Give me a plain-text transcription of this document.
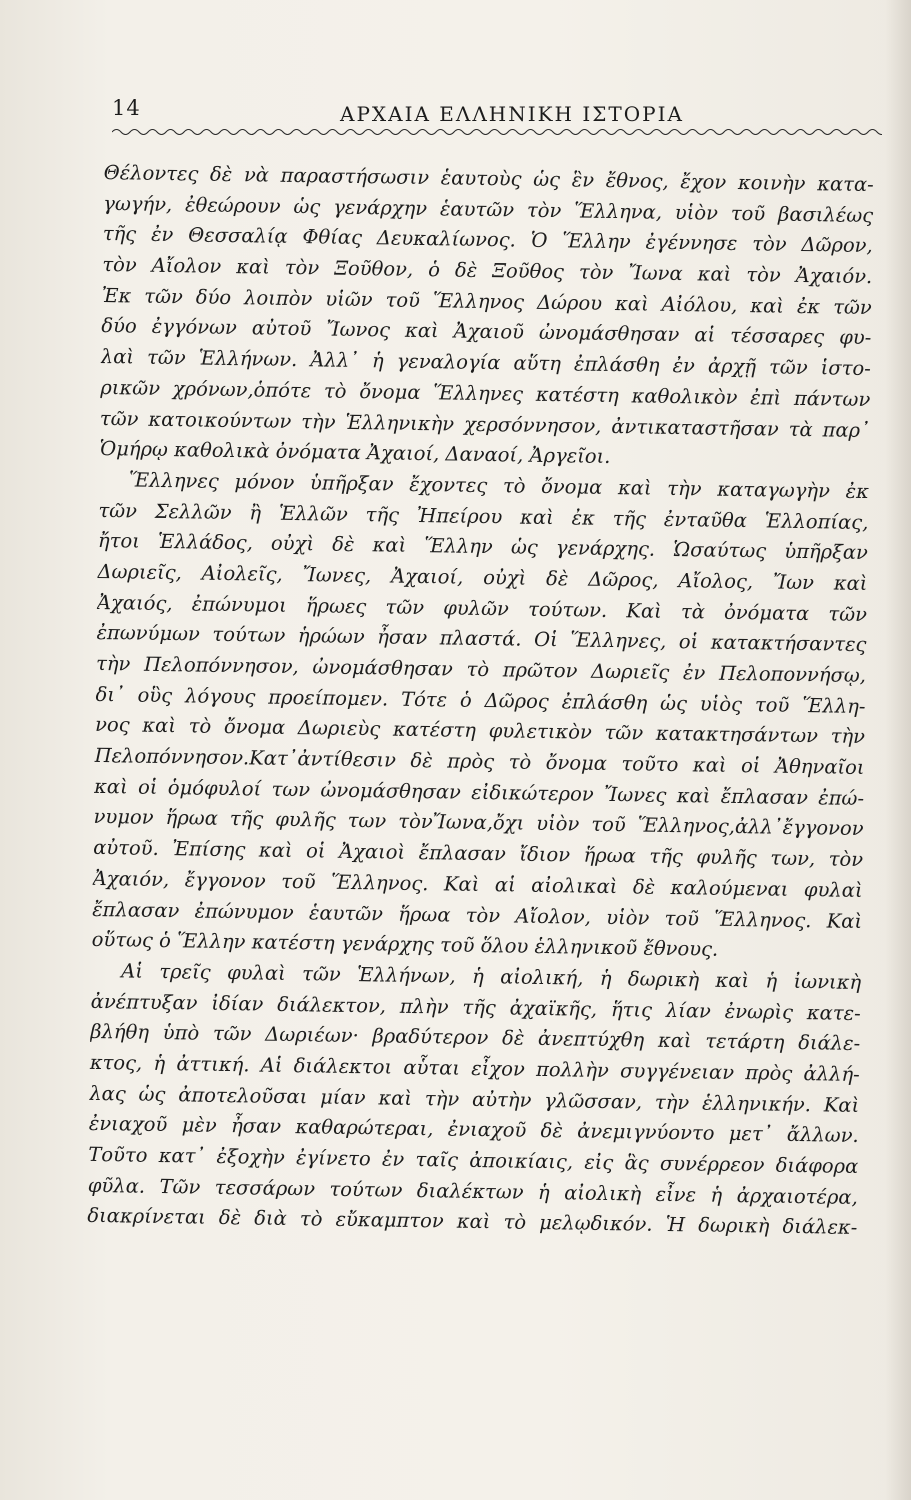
14	ΑΡΧΑΙΑ ΕΛΛΗΝΙΚΗ ΙΣΤΟΡΙΑ
Θέλοντες δὲ νὰ παραστήσωσιν ἑαυτοὺς ὡς ἓν ἔθνος, ἔχον κοινὴν κατα-
γωγήν, ἐθεώρουν ὡς γενάρχην ἑαυτῶν τὸν Ἕλληνα, υἱὸν τοῦ βασιλέως
τῆς ἐν Θεσσαλίᾳ Φθίας Δευκαλίωνος. Ὁ Ἕλλην ἐγέννησε τὸν Δῶρον,
τὸν Αἴολον καὶ τὸν Ξοῦθον, ὁ δὲ Ξοῦθος τὸν Ἴωνα καὶ τὸν Ἀχαιόν.
Ἐκ τῶν δύο λοιπὸν υἱῶν τοῦ Ἕλληνος Δώρου καὶ Αἰόλου, καὶ ἐκ τῶν
δύο ἐγγόνων αὐτοῦ Ἴωνος καὶ Ἀχαιοῦ ὠνομάσθησαν αἱ τέσσαρες φυ-
λαὶ τῶν Ἑλλήνων. Ἀλλ᾽ ἡ γεναλογία αὕτη ἐπλάσθη ἐν ἀρχῇ τῶν ἱστο-
ρικῶν χρόνων,ὁπότε τὸ ὄνομα Ἕλληνες κατέστη καθολικὸν ἐπὶ πάντων
τῶν κατοικούντων τὴν Ἑλληνικὴν χερσόννησον, ἀντικαταστῆσαν τὰ παρ᾽
Ὁμήρῳ καθολικὰ ὀνόματα Ἀχαιοί, Δαναοί, Ἀργεῖοι.
Ἕλληνες μόνον ὑπῆρξαν ἔχοντες τὸ ὄνομα καὶ τὴν καταγωγὴν ἐκ
τῶν Σελλῶν ἢ Ἑλλῶν τῆς Ἠπείρου καὶ ἐκ τῆς ἐνταῦθα Ἑλλοπίας,
ἤτοι Ἑλλάδος, οὐχὶ δὲ καὶ Ἕλλην ὡς γενάρχης. Ὡσαύτως ὑπῆρξαν
Δωριεῖς, Αἰολεῖς, Ἴωνες, Ἀχαιοί, οὐχὶ δὲ Δῶρος, Αἴολος, Ἴων καὶ
Ἀχαιός, ἐπώνυμοι ἥρωες τῶν φυλῶν τούτων. Καὶ τὰ ὀνόματα τῶν
ἐπωνύμων τούτων ἡρώων ἦσαν πλαστά. Οἱ Ἕλληνες, οἱ κατακτήσαντες
τὴν Πελοπόννησον, ὠνομάσθησαν τὸ πρῶτον Δωριεῖς ἐν Πελοποννήσῳ,
δι᾽ οὓς λόγους προείπομεν. Τότε ὁ Δῶρος ἐπλάσθη ὡς υἱὸς τοῦ Ἕλλη-
νος καὶ τὸ ὄνομα Δωριεὺς κατέστη φυλετικὸν τῶν κατακτησάντων τὴν
Πελοπόννησον.Κατ᾽ἀντίθεσιν δὲ πρὸς τὸ ὄνομα τοῦτο καὶ οἱ Ἀθηναῖοι
καὶ οἱ ὁμόφυλοί των ὠνομάσθησαν εἰδικώτερον Ἴωνες καὶ ἔπλασαν ἐπώ-
νυμον ἥρωα τῆς φυλῆς των τὸνἼωνα,ὄχι υἱὸν τοῦ Ἕλληνος,ἀλλ᾽ἔγγονον
αὐτοῦ. Ἐπίσης καὶ οἱ Ἀχαιοὶ ἔπλασαν ἴδιον ἥρωα τῆς φυλῆς των, τὸν
Ἀχαιόν, ἔγγονον τοῦ Ἕλληνος. Καὶ αἱ αἰολικαὶ δὲ καλούμεναι φυλαὶ
ἔπλασαν ἐπώνυμον ἑαυτῶν ἥρωα τὸν Αἴολον, υἱὸν τοῦ Ἕλληνος. Καὶ
οὕτως ὁ Ἕλλην κατέστη γενάρχης τοῦ ὅλου ἑλληνικοῦ ἔθνους.
Αἱ τρεῖς φυλαὶ τῶν Ἑλλήνων, ἡ αἰολική, ἡ δωρικὴ καὶ ἡ ἰωνικὴ
ἀνέπτυξαν ἰδίαν διάλεκτον, πλὴν τῆς ἀχαϊκῆς, ἥτις λίαν ἐνωρὶς κατε-
βλήθη ὑπὸ τῶν Δωριέων· βραδύτερον δὲ ἀνεπτύχθη καὶ τετάρτη διάλε-
κτος, ἡ ἀττική. Αἱ διάλεκτοι αὗται εἶχον πολλὴν συγγένειαν πρὸς ἀλλή-
λας ὡς ἀποτελοῦσαι μίαν καὶ τὴν αὐτὴν γλῶσσαν, τὴν ἑλληνικήν. Καὶ
ἐνιαχοῦ μὲν ἦσαν καθαρώτεραι, ἐνιαχοῦ δὲ ἀνεμιγνύοντο μετ᾽ ἄλλων.
Τοῦτο κατ᾽ ἐξοχὴν ἐγίνετο ἐν ταῖς ἀποικίαις, εἰς ἃς συνέρρεον διάφορα
φῦλα. Τῶν τεσσάρων τούτων διαλέκτων ἡ αἰολικὴ εἶνε ἡ ἀρχαιοτέρα,
διακρίνεται δὲ διὰ τὸ εὔκαμπτον καὶ τὸ μελῳδικόν. Ἡ δωρικὴ διάλεκ-
